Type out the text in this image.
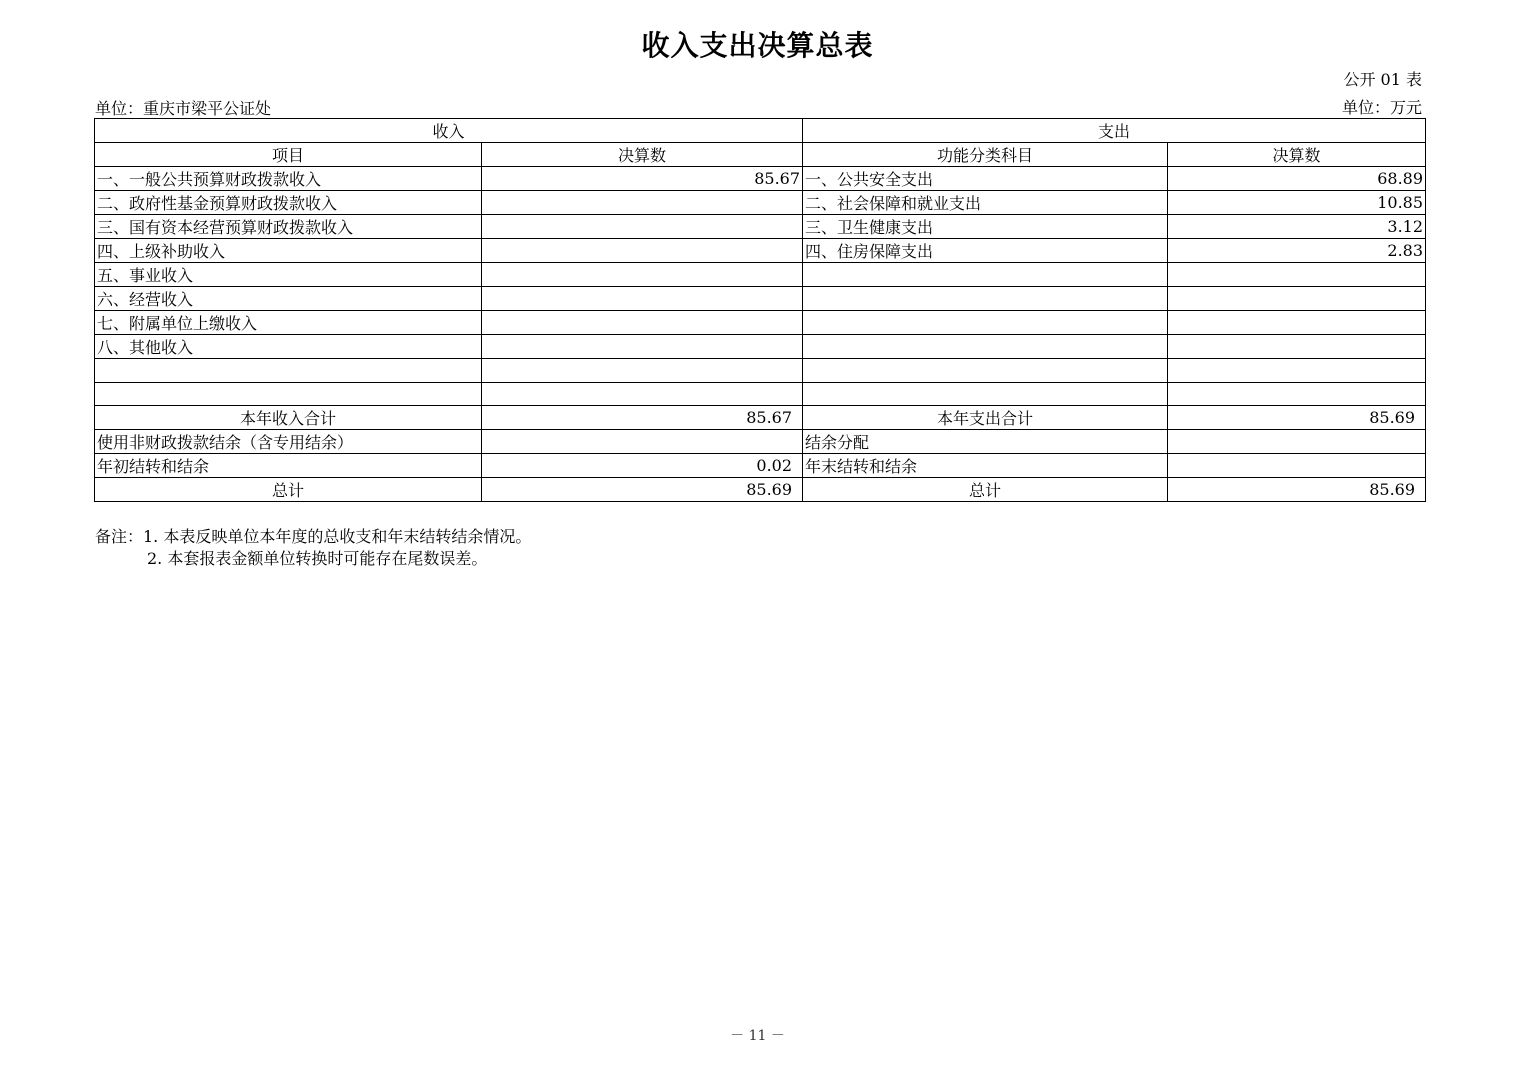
收入支出决算总表
公开 01 表
单位：重庆市梁平公证处	单位：万元
收入		支出	
项目	决算数	功能分类科目	决算数
一、一般公共预算财政拨款收入	85.67	一、公共安全支出	68.89
二、政府性基金预算财政拨款收入		二、社会保障和就业支出	10.85
三、国有资本经营预算财政拨款收入		三、卫生健康支出	3.12
四、上级补助收入		四、住房保障支出	2.83
五、事业收入			
六、经营收入			
七、附属单位上缴收入			
八、其他收入			

本年收入合计	85.67	本年支出合计	85.69
使用非财政拨款结余（含专用结余）		结余分配	
年初结转和结余	0.02	年末结转和结余	
总计	85.69	总计	85.69
备注：1. 本表反映单位本年度的总收支和年末结转结余情况。
2. 本套报表金额单位转换时可能存在尾数误差。
－ 11 －
